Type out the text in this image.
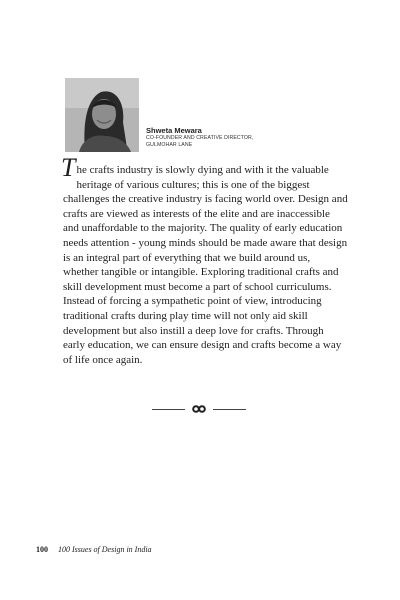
Shweta Mewara
CO-FOUNDER AND CREATIVE DIRECTOR,
GULMOHAR LANE

The crafts industry is slowly dying and with it the valuable heritage of various cultures; this is one of the biggest challenges the creative industry is facing world over. Design and crafts are viewed as interests of the elite and are inaccessible and unaffordable to the majority. The quality of early education needs attention - young minds should be made aware that design is an integral part of everything that we build around us, whether tangible or intangible. Exploring traditional crafts and skill development must become a part of school curriculums. Instead of forcing a sympathetic point of view, introducing traditional crafts during play time will not only aid skill development but also instill a deep love for crafts. Through early education, we can ensure design and crafts become a way of life once again.

100 100 Issues of Design in India
